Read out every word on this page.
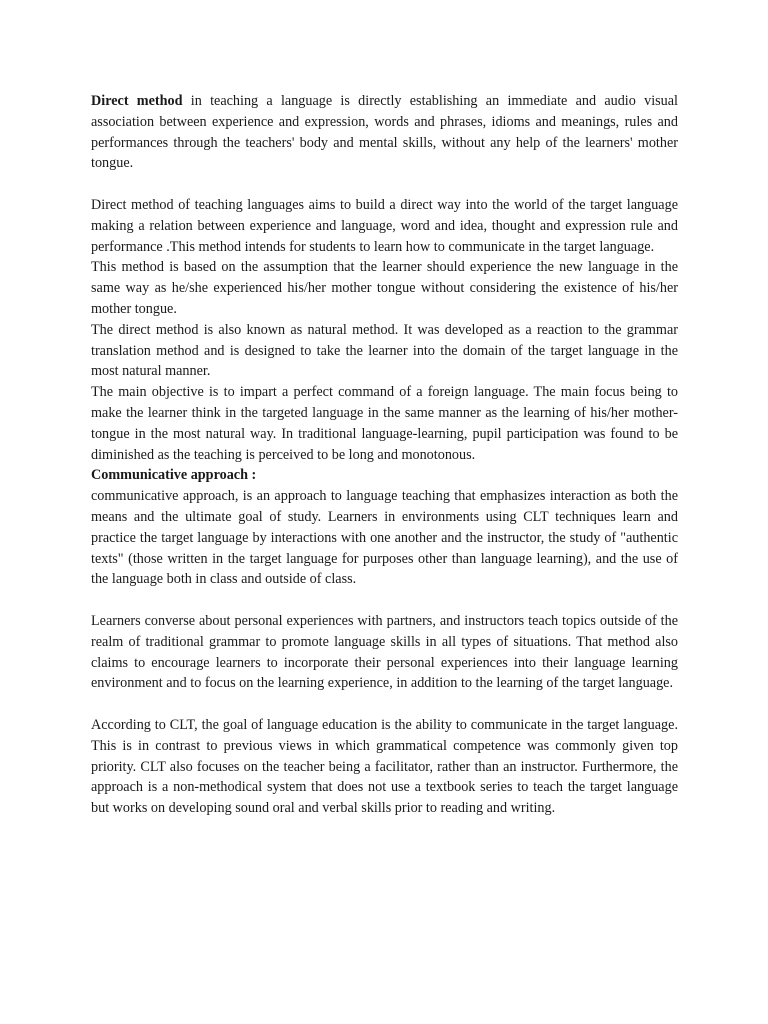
Direct method in teaching a language is directly establishing an immediate and audio visual association between experience and expression, words and phrases, idioms and meanings, rules and performances through the teachers' body and mental skills, without any help of the learners' mother tongue.

Direct method of teaching languages aims to build a direct way into the world of the target language making a relation between experience and language, word and idea, thought and expression rule and performance .This method intends for students to learn how to communicate in the target language.

This method is based on the assumption that the learner should experience the new language in the same way as he/she experienced his/her mother tongue without considering the existence of his/her mother tongue.

The direct method is also known as natural method. It was developed as a reaction to the grammar translation method and is designed to take the learner into the domain of the target language in the most natural manner.

The main objective is to impart a perfect command of a foreign language. The main focus being to make the learner think in the targeted language in the same manner as the learning of his/her mother-tongue in the most natural way. In traditional language-learning, pupil participation was found to be diminished as the teaching is perceived to be long and monotonous.

Communicative approach :

communicative approach, is an approach to language teaching that emphasizes interaction as both the means and the ultimate goal of study. Learners in environments using CLT techniques learn and practice the target language by interactions with one another and the instructor, the study of "authentic texts" (those written in the target language for purposes other than language learning), and the use of the language both in class and outside of class.

Learners converse about personal experiences with partners, and instructors teach topics outside of the realm of traditional grammar to promote language skills in all types of situations. That method also claims to encourage learners to incorporate their personal experiences into their language learning environment and to focus on the learning experience, in addition to the learning of the target language.

According to CLT, the goal of language education is the ability to communicate in the target language. This is in contrast to previous views in which grammatical competence was commonly given top priority. CLT also focuses on the teacher being a facilitator, rather than an instructor. Furthermore, the approach is a non-methodical system that does not use a textbook series to teach the target language but works on developing sound oral and verbal skills prior to reading and writing.
